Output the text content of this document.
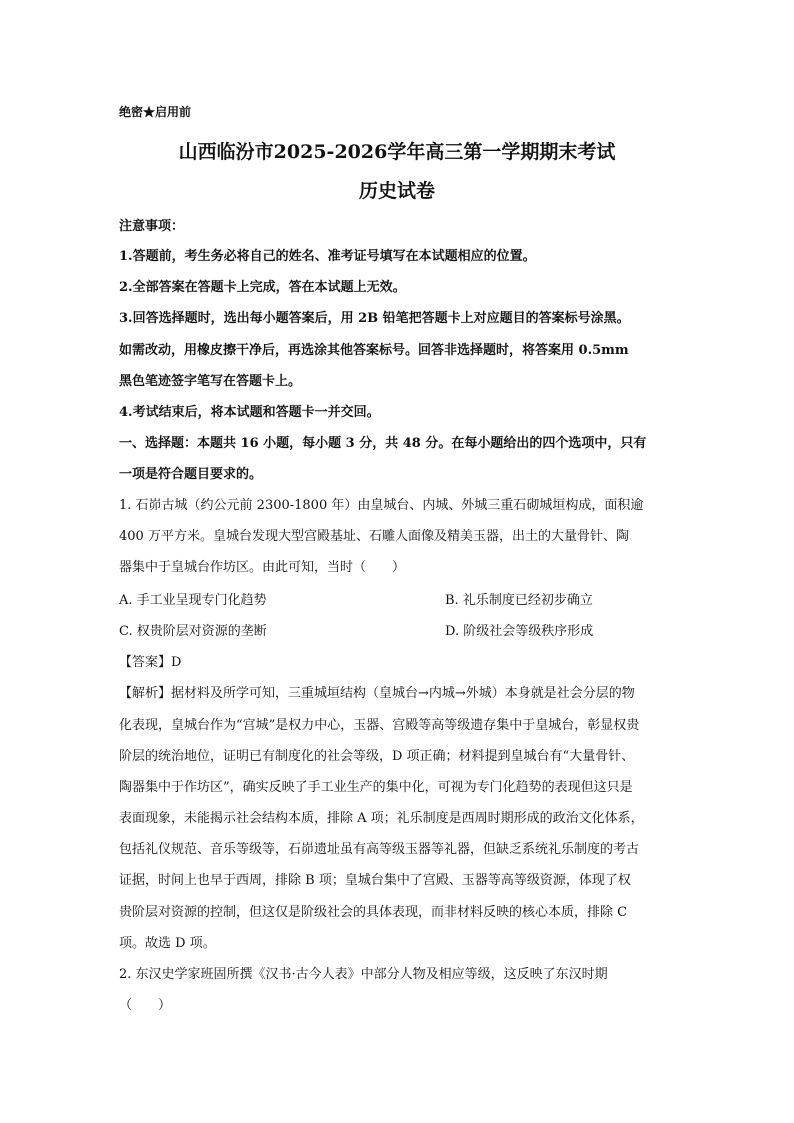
绝密★启用前
山西临汾市2025-2026学年高三第一学期期末考试
历史试卷
注意事项：
1.答题前，考生务必将自己的姓名、准考证号填写在本试题相应的位置。
2.全部答案在答题卡上完成，答在本试题上无效。
3.回答选择题时，选出每小题答案后，用 2B 铅笔把答题卡上对应题目的答案标号涂黑。
如需改动，用橡皮擦干净后，再选涂其他答案标号。回答非选择题时，将答案用 0.5mm
黑色笔迹签字笔写在答题卡上。
4.考试结束后，将本试题和答题卡一并交回。
一、选择题：本题共 16 小题，每小题 3 分，共 48 分。在每小题给出的四个选项中，只有
一项是符合题目要求的。
1. 石峁古城（约公元前 2300-1800 年）由皇城台、内城、外城三重石砌城垣构成，面积逾
400 万平方米。皇城台发现大型宫殿基址、石雕人面像及精美玉器，出土的大量骨针、陶
器集中于皇城台作坊区。由此可知，当时（　　）
A. 手工业呈现专门化趋势	B. 礼乐制度已经初步确立
C. 权贵阶层对资源的垄断	D. 阶级社会等级秩序形成
【答案】D
【解析】据材料及所学可知，三重城垣结构（皇城台→内城→外城）本身就是社会分层的物
化表现，皇城台作为“宫城”是权力中心，玉器、宫殿等高等级遗存集中于皇城台，彰显权贵
阶层的统治地位，证明已有制度化的社会等级，D 项正确；材料提到皇城台有“大量骨针、
陶器集中于作坊区”，确实反映了手工业生产的集中化，可视为专门化趋势的表现但这只是
表面现象，未能揭示社会结构本质，排除 A 项；礼乐制度是西周时期形成的政治文化体系，
包括礼仪规范、音乐等级等，石峁遗址虽有高等级玉器等礼器，但缺乏系统礼乐制度的考古
证据，时间上也早于西周，排除 B 项；皇城台集中了宫殿、玉器等高等级资源，体现了权
贵阶层对资源的控制，但这仅是阶级社会的具体表现，而非材料反映的核心本质，排除 C
项。故选 D 项。
2. 东汉史学家班固所撰《汉书·古今人表》中部分人物及相应等级，这反映了东汉时期
（　　）
